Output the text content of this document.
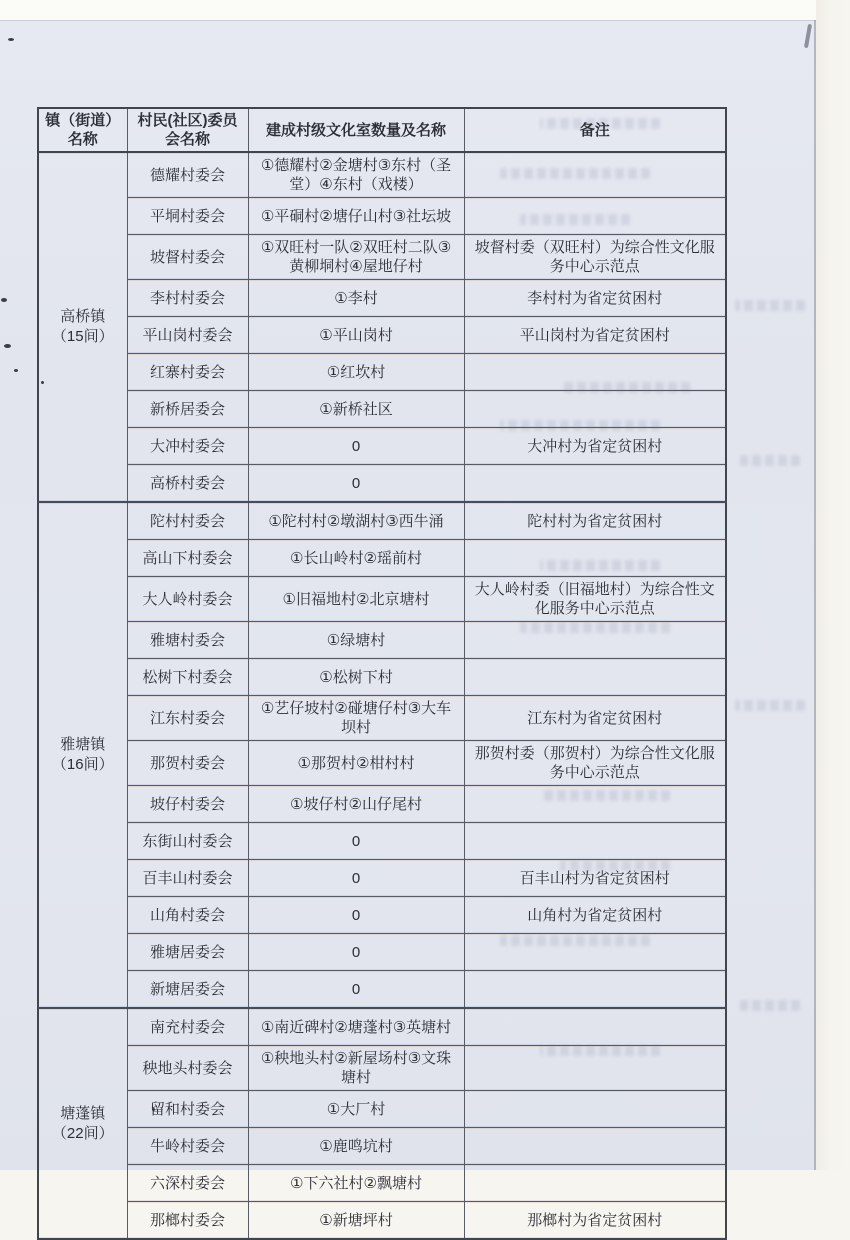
镇（街道）名称	村民(社区)委员会名称	建成村级文化室数量及名称	备注

高桥镇
（15间）	德耀村委会	①德耀村②金塘村③东村（圣堂）④东村（戏楼）	
	平垌村委会	①平硐村②塘仔山村③社坛坡	
	坡督村委会	①双旺村一队②双旺村二队③黄柳垌村④屋地仔村	坡督村委（双旺村）为综合性文化服务中心示范点
	李村村委会	①李村	李村村为省定贫困村
	平山岗村委会	①平山岗村	平山岗村为省定贫困村
	红寨村委会	①红坎村	
	新桥居委会	①新桥社区	
	大冲村委会	0	大冲村为省定贫困村
	高桥村委会	0	

雅塘镇
（16间）	陀村村委会	①陀村村②墩湖村③西牛涌	陀村村为省定贫困村
	高山下村委会	①长山岭村②瑶前村	
	大人岭村委会	①旧福地村②北京塘村	大人岭村委（旧福地村）为综合性文化服务中心示范点
	雅塘村委会	①绿塘村	
	松树下村委会	①松树下村	
	江东村委会	①艺仔坡村②碰塘仔村③大车坝村	江东村为省定贫困村
	那贺村委会	①那贺村②柑村村	那贺村委（那贺村）为综合性文化服务中心示范点
	坡仔村委会	①坡仔村②山仔尾村	
	东街山村委会	0	
	百丰山村委会	0	百丰山村为省定贫困村
	山角村委会	0	山角村为省定贫困村
	雅塘居委会	0	
	新塘居委会	0	

塘蓬镇
（22间）	南充村委会	①南近碑村②塘蓬村③英塘村	
	秧地头村委会	①秧地头村②新屋场村③文珠塘村	
	留和村委会	①大厂村	
	牛岭村委会	①鹿鸣坑村	
	六深村委会	①下六社村②飘塘村	
	那榔村委会	①新塘坪村	那榔村为省定贫困村
